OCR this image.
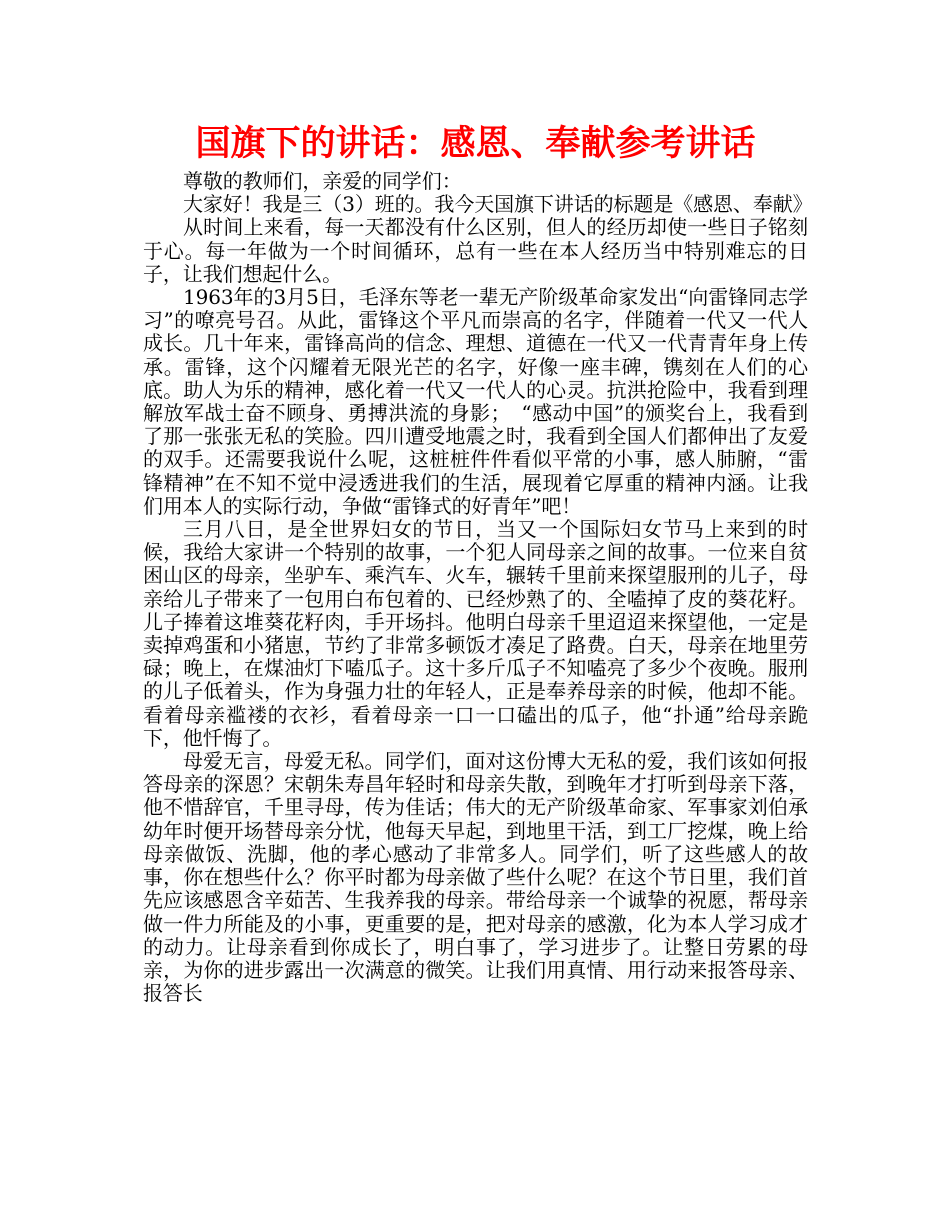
国旗下的讲话：感恩、奉献参考讲话

尊敬的教师们，亲爱的同学们：

大家好！我是三（3）班的。我今天国旗下讲话的标题是《感恩、奉献》

从时间上来看，每一天都没有什么区别，但人的经历却使一些日子铭刻于心。每一年做为一个时间循环，总有一些在本人经历当中特别难忘的日子，让我们想起什么。

1963年的3月5日，毛泽东等老一辈无产阶级革命家发出“向雷锋同志学习”的嘹亮号召。从此，雷锋这个平凡而崇高的名字，伴随着一代又一代人成长。几十年来，雷锋高尚的信念、理想、道德在一代又一代青青年身上传承。雷锋，这个闪耀着无限光芒的名字，好像一座丰碑，镌刻在人们的心底。助人为乐的精神，感化着一代又一代人的心灵。抗洪抢险中，我看到理解放军战士奋不顾身、勇搏洪流的身影；　“感动中国”的颁奖台上，我看到了那一张张无私的笑脸。四川遭受地震之时，我看到全国人们都伸出了友爱的双手。还需要我说什么呢，这桩桩件件看似平常的小事，感人肺腑，“雷锋精神”在不知不觉中浸透进我们的生活，展现着它厚重的精神内涵。让我们用本人的实际行动，争做“雷锋式的好青年”吧！

三月八日，是全世界妇女的节日，当又一个国际妇女节马上来到的时候，我给大家讲一个特别的故事，一个犯人同母亲之间的故事。一位来自贫困山区的母亲，坐驴车、乘汽车、火车，辗转千里前来探望服刑的儿子，母亲给儿子带来了一包用白布包着的、已经炒熟了的、全嗑掉了皮的葵花籽。儿子捧着这堆葵花籽肉，手开场抖。他明白母亲千里迢迢来探望他，一定是卖掉鸡蛋和小猪崽，节约了非常多顿饭才凑足了路费。白天，母亲在地里劳碌；晚上，在煤油灯下嗑瓜子。这十多斤瓜子不知嗑亮了多少个夜晚。服刑的儿子低着头，作为身强力壮的年轻人，正是奉养母亲的时候，他却不能。看着母亲褴褛的衣衫，看着母亲一口一口磕出的瓜子，他“扑通”给母亲跪下，他忏悔了。

母爱无言，母爱无私。同学们，面对这份博大无私的爱，我们该如何报答母亲的深恩？宋朝朱寿昌年轻时和母亲失散，到晚年才打听到母亲下落，他不惜辞官，千里寻母，传为佳话；伟大的无产阶级革命家、军事家刘伯承幼年时便开场替母亲分忧，他每天早起，到地里干活，到工厂挖煤，晚上给母亲做饭、洗脚，他的孝心感动了非常多人。同学们，听了这些感人的故事，你在想些什么？你平时都为母亲做了些什么呢？在这个节日里，我们首先应该感恩含辛茹苦、生我养我的母亲。带给母亲一个诚挚的祝愿，帮母亲做一件力所能及的小事，更重要的是，把对母亲的感激，化为本人学习成才的动力。让母亲看到你成长了，明白事了，学习进步了。让整日劳累的母亲，为你的进步露出一次满意的微笑。让我们用真情、用行动来报答母亲、报答长
